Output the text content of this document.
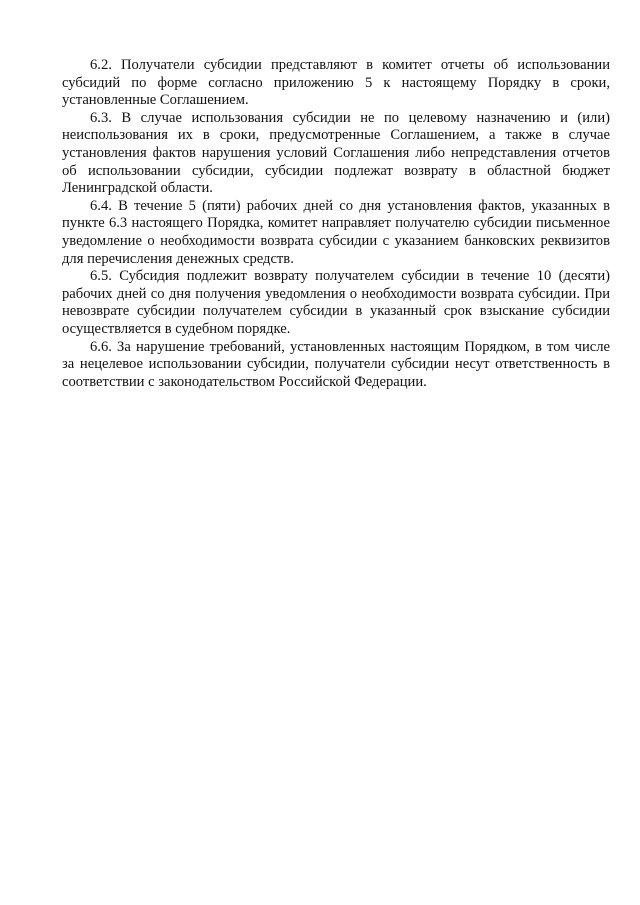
6.2. Получатели субсидии представляют в комитет отчеты об использовании субсидий по форме согласно приложению 5 к настоящему Порядку в сроки, установленные Соглашением.

6.3. В случае использования субсидии не по целевому назначению и (или) неиспользования их в сроки, предусмотренные Соглашением, а также в случае установления фактов нарушения условий Соглашения либо непредставления отчетов об использовании субсидии, субсидии подлежат возврату в областной бюджет Ленинградской области.

6.4. В течение 5 (пяти) рабочих дней со дня установления фактов, указанных в пункте 6.3 настоящего Порядка, комитет направляет получателю субсидии письменное уведомление о необходимости возврата субсидии с указанием банковских реквизитов для перечисления денежных средств.

6.5. Субсидия подлежит возврату получателем субсидии в течение 10 (десяти) рабочих дней со дня получения уведомления о необходимости возврата субсидии. При невозврате субсидии получателем субсидии в указанный срок взыскание субсидии осуществляется в судебном порядке.

6.6. За нарушение требований, установленных настоящим Порядком, в том числе за нецелевое использовании субсидии, получатели субсидии несут ответственность в соответствии с законодательством Российской Федерации.
